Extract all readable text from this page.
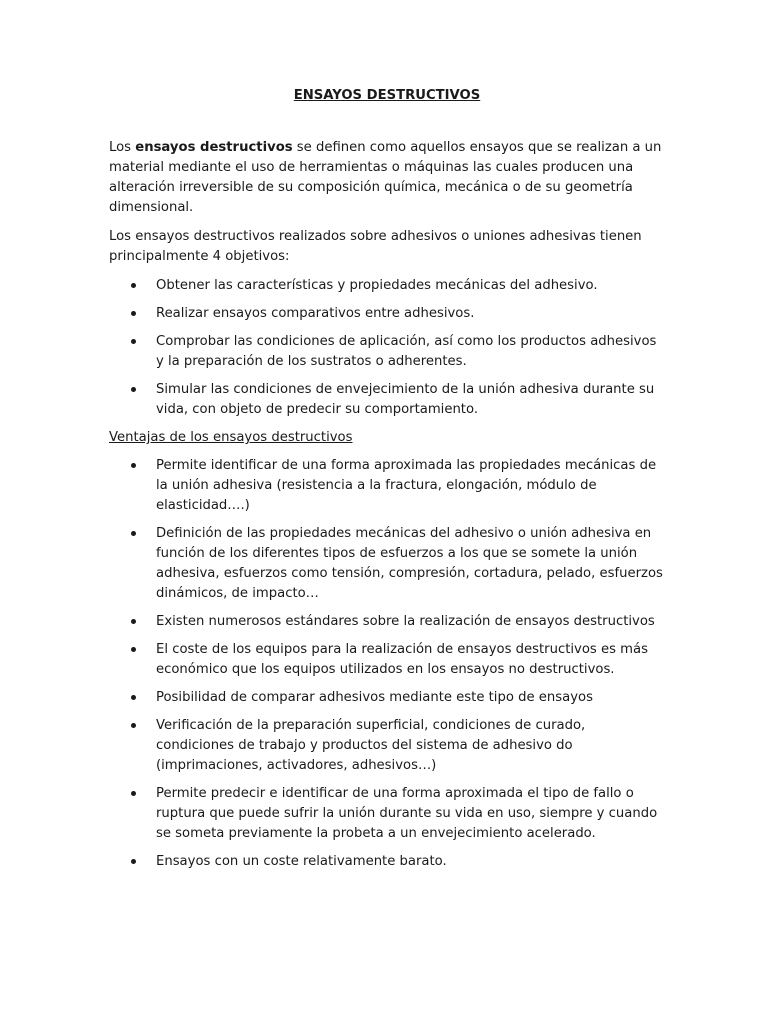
ENSAYOS DESTRUCTIVOS

Los ensayos destructivos se definen como aquellos ensayos que se realizan a un material mediante el uso de herramientas o máquinas las cuales producen una alteración irreversible de su composición química, mecánica o de su geometría dimensional.

Los ensayos destructivos realizados sobre adhesivos o uniones adhesivas tienen principalmente 4 objetivos:

Obtener las características y propiedades mecánicas del adhesivo.
Realizar ensayos comparativos entre adhesivos.
Comprobar las condiciones de aplicación, así como los productos adhesivos y la preparación de los sustratos o adherentes.
Simular las condiciones de envejecimiento de la unión adhesiva durante su vida, con objeto de predecir su comportamiento.

Ventajas de los ensayos destructivos

Permite identificar de una forma aproximada las propiedades mecánicas de la unión adhesiva (resistencia a la fractura, elongación, módulo de elasticidad….)
Definición de las propiedades mecánicas del adhesivo o unión adhesiva en función de los diferentes tipos de esfuerzos a los que se somete la unión adhesiva, esfuerzos como tensión, compresión, cortadura, pelado, esfuerzos dinámicos, de impacto…
Existen numerosos estándares sobre la realización de ensayos destructivos
El coste de los equipos para la realización de ensayos destructivos es más económico que los equipos utilizados en los ensayos no destructivos.
Posibilidad de comparar adhesivos mediante este tipo de ensayos
Verificación de la preparación superficial, condiciones de curado, condiciones de trabajo y productos del sistema de adhesivo do (imprimaciones, activadores, adhesivos…)
Permite predecir e identificar de una forma aproximada el tipo de fallo o ruptura que puede sufrir la unión durante su vida en uso, siempre y cuando se someta previamente la probeta a un envejecimiento acelerado.
Ensayos con un coste relativamente barato.
